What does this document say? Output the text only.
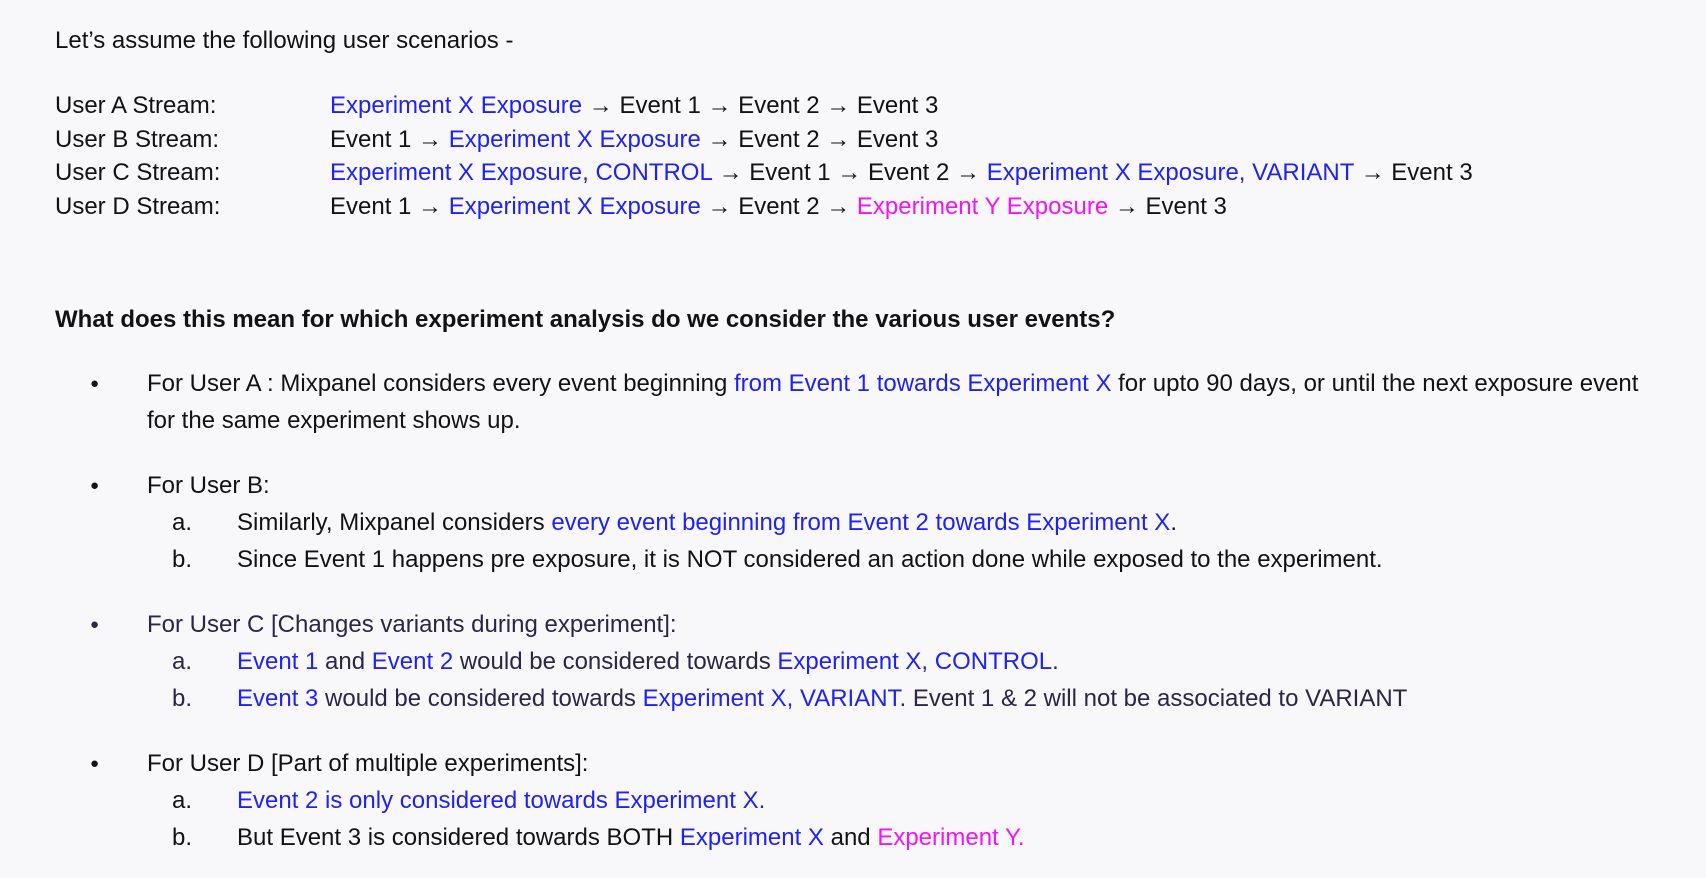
Let’s assume the following user scenarios -
User A Stream:	Experiment X Exposure → Event 1 → Event 2 → Event 3
User B Stream:	Event 1 → Experiment X Exposure → Event 2 → Event 3
User C Stream:	Experiment X Exposure, CONTROL → Event 1 → Event 2 → Experiment X Exposure, VARIANT → Event 3
User D Stream:	Event 1 → Experiment X Exposure → Event 2 → Experiment Y Exposure → Event 3
What does this mean for which experiment analysis do we consider the various user events?
●	For User A : Mixpanel considers every event beginning from Event 1 towards Experiment X for upto 90 days, or until the next exposure event for the same experiment shows up.
●	For User B:
a.	Similarly, Mixpanel considers every event beginning from Event 2 towards Experiment X.
b.	Since Event 1 happens pre exposure, it is NOT considered an action done while exposed to the experiment.
●	For User C [Changes variants during experiment]:
a.	Event 1 and Event 2 would be considered towards Experiment X, CONTROL.
b.	Event 3 would be considered towards Experiment X, VARIANT. Event 1 & 2 will not be associated to VARIANT
●	For User D [Part of multiple experiments]:
a.	Event 2 is only considered towards Experiment X.
b.	But Event 3 is considered towards BOTH Experiment X and Experiment Y.
